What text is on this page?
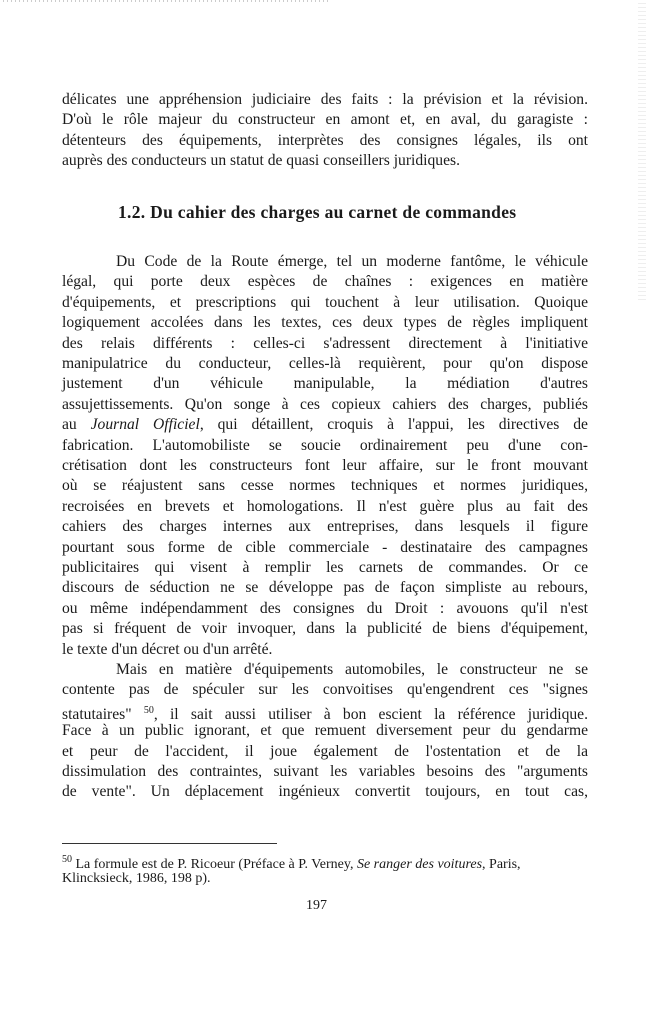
délicates une appréhension judiciaire des faits : la prévision et la révision.
D'où le rôle majeur du constructeur en amont et, en aval, du garagiste :
détenteurs des équipements, interprètes des consignes légales, ils ont
auprès des conducteurs un statut de quasi conseillers juridiques.
Du Code de la Route émerge, tel un moderne fantôme, le véhicule
légal, qui porte deux espèces de chaînes : exigences en matière
d'équipements, et prescriptions qui touchent à leur utilisation. Quoique
logiquement accolées dans les textes, ces deux types de règles impliquent
des relais différents : celles-ci s'adressent directement à l'initiative
manipulatrice du conducteur, celles-là requièrent, pour qu'on dispose
justement d'un véhicule manipulable, la médiation d'autres
assujettissements. Qu'on songe à ces copieux cahiers des charges, publiés
au Journal Officiel, qui détaillent, croquis à l'appui, les directives de
fabrication. L'automobiliste se soucie ordinairement peu d'une con-
crétisation dont les constructeurs font leur affaire, sur le front mouvant
où se réajustent sans cesse normes techniques et normes juridiques,
recroisées en brevets et homologations. Il n'est guère plus au fait des
cahiers des charges internes aux entreprises, dans lesquels il figure
pourtant sous forme de cible commerciale - destinataire des campagnes
publicitaires qui visent à remplir les carnets de commandes. Or ce
discours de séduction ne se développe pas de façon simpliste au rebours,
ou même indépendamment des consignes du Droit : avouons qu'il n'est
pas si fréquent de voir invoquer, dans la publicité de biens d'équipement,
le texte d'un décret ou d'un arrêté.
Mais en matière d'équipements automobiles, le constructeur ne se
contente pas de spéculer sur les convoitises qu'engendrent ces "signes
statutaires" $^{50}$, il sait aussi utiliser à bon escient la référence juridique.
Face à un public ignorant, et que remuent diversement peur du gendarme
et peur de l'accident, il joue également de l'ostentation et de la
dissimulation des contraintes, suivant les variables besoins des "arguments
de vente". Un déplacement ingénieux convertit toujours, en tout cas,
$^{50}$ La formule est de P. Ricoeur (Préface à P. Verney, Se ranger des voitures, Paris,
Klincksieck, 1986, 198 p).
1.2. Du cahier des charges au carnet de commandes
197
